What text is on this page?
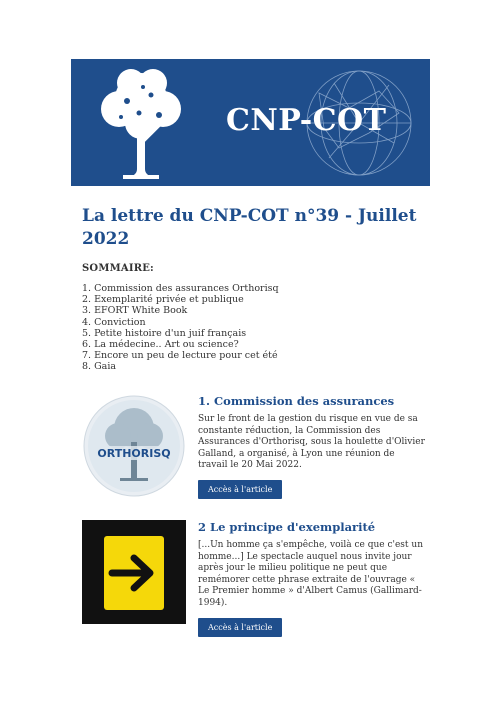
CNP-COT
La lettre du CNP-COT n°39 - Juillet 2022
SOMMAIRE:
1. Commission des assurances Orthorisq
2. Exemplarité privée et publique
3. EFORT White Book
4. Conviction
5. Petite histoire d'un juif français
6. La médecine.. Art ou science?
7. Encore un peu de lecture pour cet été
8. Gaia
ORTHORISQ
1. Commission des assurances

Sur le front de la gestion du risque en vue de sa constante réduction, la Commission des Assurances d'Orthorisq, sous la houlette d'Olivier Galland, a organisé, à Lyon une réunion de travail le 20 Mai 2022.

Accès à l'article
2 Le principe d'exemplarité

[...Un homme ça s'empêche, voilà ce que c'est un homme...] Le spectacle auquel nous invite jour après jour le milieu politique ne peut que remémorer cette phrase extraite de l'ouvrage « Le Premier homme » d'Albert Camus (Gallimard-1994).

Accès à l'article
